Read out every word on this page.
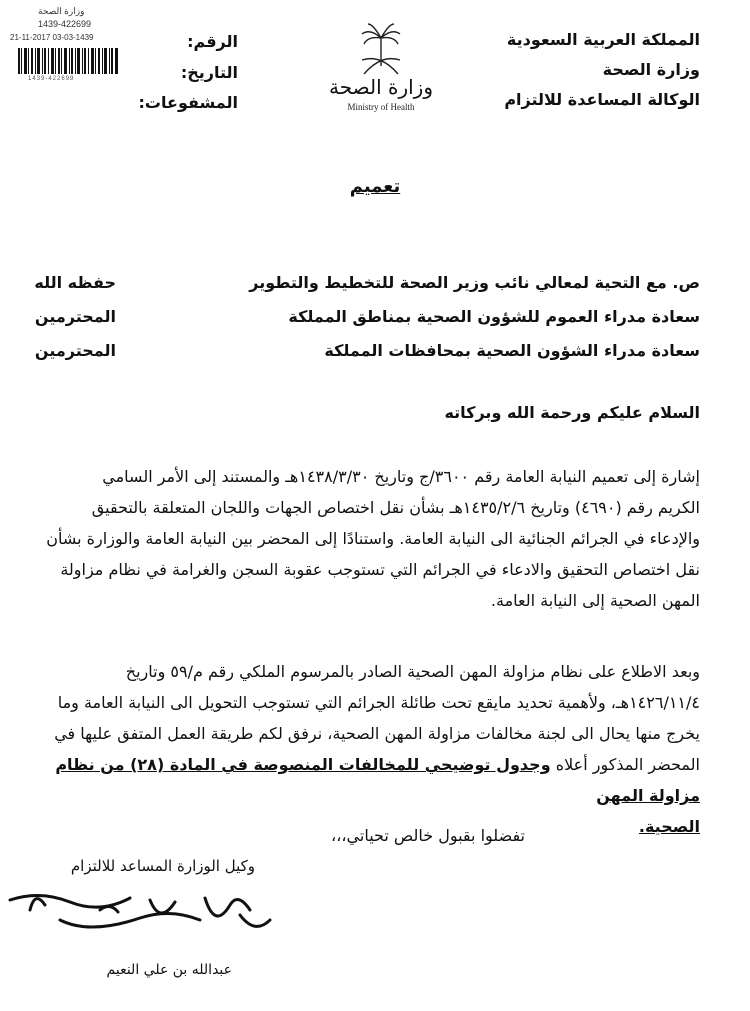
وزارة الصحة
1439-422699
21-11-2017 03-03-1439
1439-422699
الرقم:
التاريخ:
المشفوعات:
وزارة الصحة
Ministry of Health
المملكة العربية السعودية
وزارة الصحة
الوكالة المساعدة للالتزام
تعميم
ص. مع التحية لمعالي نائب وزير الصحة للتخطيط والتطوير
حفظه الله
سعادة مدراء العموم للشؤون الصحية بمناطق المملكة
المحترمين
سعادة مدراء الشؤون الصحية بمحافظات المملكة
المحترمين
السلام عليكم ورحمة الله وبركاته
إشارة إلى تعميم النيابة العامة رقم ٣٦٠٠/ج وتاريخ ١٤٣٨/٣/٣٠هـ والمستند إلى الأمر السامي
الكريم رقم (٤٦٩٠) وتاريخ ١٤٣٥/٢/٦هـ بشأن نقل اختصاص الجهات واللجان المتعلقة بالتحقيق
والإدعاء في الجرائم الجنائية الى النيابة العامة. واستنادًا إلى المحضر بين النيابة العامة والوزارة بشأن
نقل اختصاص التحقيق والادعاء في الجرائم التي تستوجب عقوبة السجن والغرامة في نظام مزاولة
المهن الصحية إلى النيابة العامة.
وبعد الاطلاع على نظام مزاولة المهن الصحية الصادر بالمرسوم الملكي رقم م/٥٩ وتاريخ
١٤٢٦/١١/٤هـ، ولأهمية تحديد مايقع تحت طائلة الجرائم التي تستوجب التحويل الى النيابة العامة وما
يخرج منها يحال الى لجنة مخالفات مزاولة المهن الصحية، نرفق لكم طريقة العمل المتفق عليها في
المحضر المذكور أعلاه وجدول توضيحي للمخالفات المنصوصة في المادة (٢٨) من نظام مزاولة المهن
الصحية.
تفضلوا بقبول خالص تحياتي،،،
وكيل الوزارة المساعد للالتزام
عبدالله بن علي النعيم
